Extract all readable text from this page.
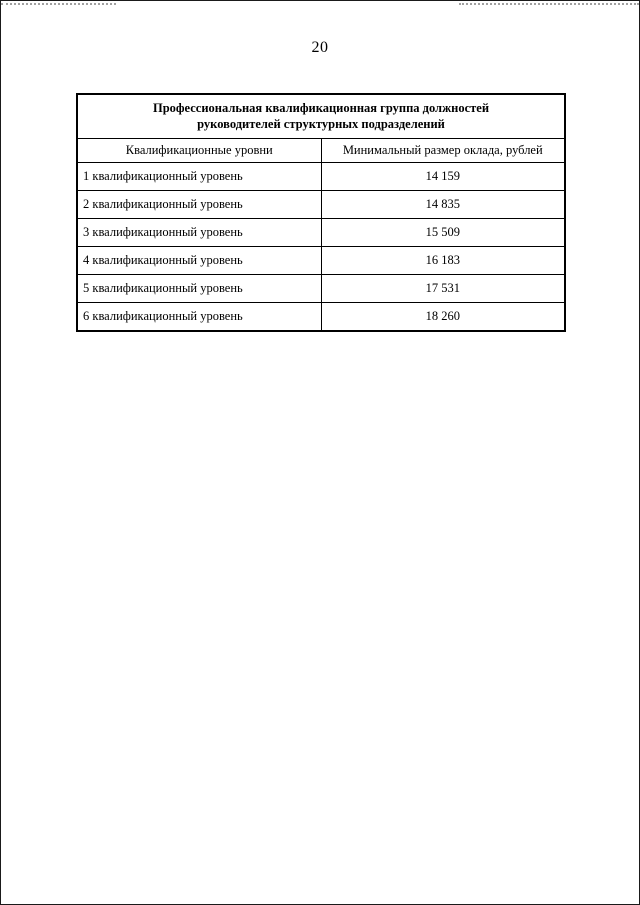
20
Профессиональная квалификационная группа должностей
руководителей структурных подразделений	
Квалификационные уровни	Минимальный размер оклада, рублей
1 квалификационный уровень	14 159
2 квалификационный уровень	14 835
3 квалификационный уровень	15 509
4 квалификационный уровень	16 183
5 квалификационный уровень	17 531
6 квалификационный уровень	18 260
